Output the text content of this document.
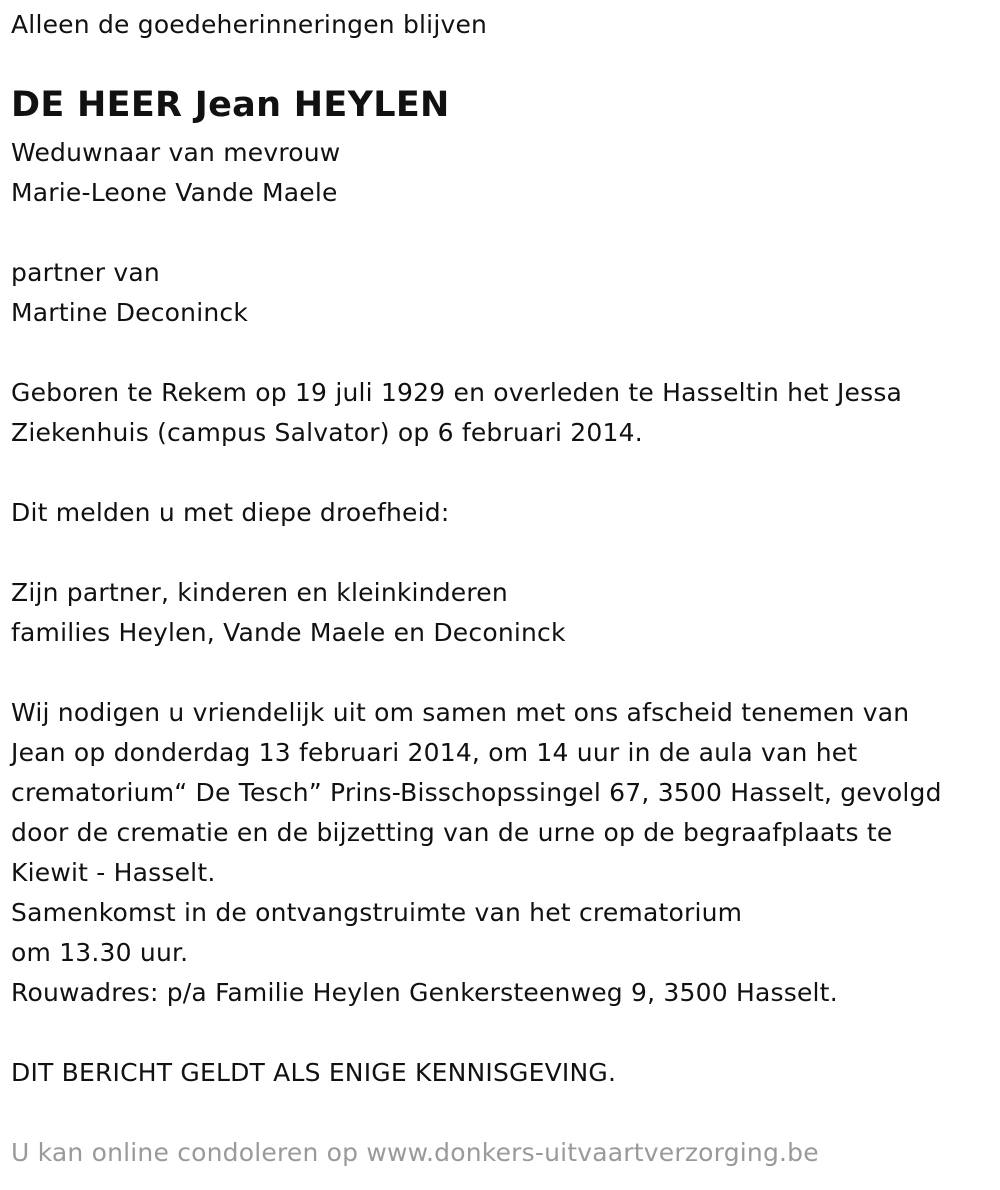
Alleen de goedeherinneringen blijven
DE HEER Jean HEYLEN
Weduwnaar van mevrouw
Marie-Leone Vande Maele
partner van
Martine Deconinck
Geboren te Rekem op 19 juli 1929 en overleden te Hasseltin het Jessa
Ziekenhuis (campus Salvator) op 6 februari 2014.
Dit melden u met diepe droefheid:
Zijn partner, kinderen en kleinkinderen
families Heylen, Vande Maele en Deconinck
Wij nodigen u vriendelijk uit om samen met ons afscheid tenemen van
Jean op donderdag 13 februari 2014, om 14 uur in de aula van het
crematorium“ De Tesch” Prins-Bisschopssingel 67, 3500 Hasselt, gevolgd
door de crematie en de bijzetting van de urne op de begraafplaats te
Kiewit - Hasselt.
Samenkomst in de ontvangstruimte van het crematorium
om 13.30 uur.
Rouwadres: p/a Familie Heylen Genkersteenweg 9, 3500 Hasselt.
DIT BERICHT GELDT ALS ENIGE KENNISGEVING.
U kan online condoleren op www.donkers-uitvaartverzorging.be
